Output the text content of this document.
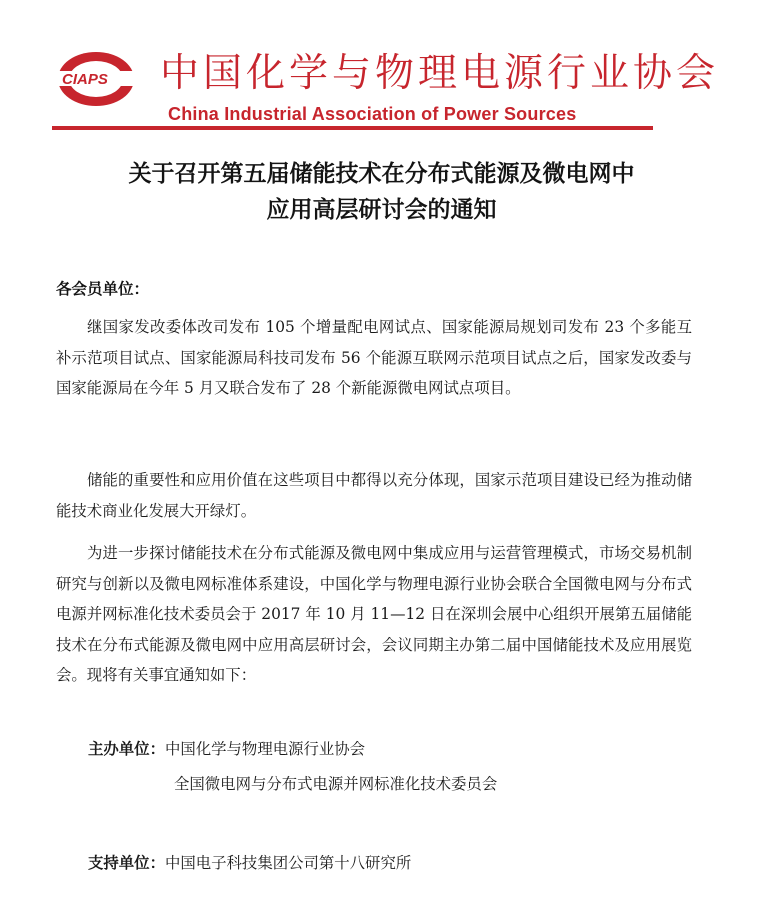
CIAPS 中国化学与物理电源行业协会
China Industrial Association of Power Sources
关于召开第五届储能技术在分布式能源及微电网中
应用高层研讨会的通知
各会员单位：
继国家发改委体改司发布 105 个增量配电网试点、国家能源局规划司发布 23 个多能互补示范项目试点、国家能源局科技司发布 56 个能源互联网示范项目试点之后，国家发改委与国家能源局在今年 5 月又联合发布了 28 个新能源微电网试点项目。
储能的重要性和应用价值在这些项目中都得以充分体现，国家示范项目建设已经为推动储能技术商业化发展大开绿灯。
为进一步探讨储能技术在分布式能源及微电网中集成应用与运营管理模式，市场交易机制研究与创新以及微电网标准体系建设，中国化学与物理电源行业协会联合全国微电网与分布式电源并网标准化技术委员会于 2017 年 10 月 11—12 日在深圳会展中心组织开展第五届储能技术在分布式能源及微电网中应用高层研讨会，会议同期主办第二届中国储能技术及应用展览会。现将有关事宜通知如下：
主办单位：中国化学与物理电源行业协会
全国微电网与分布式电源并网标准化技术委员会
支持单位：中国电子科技集团公司第十八研究所
